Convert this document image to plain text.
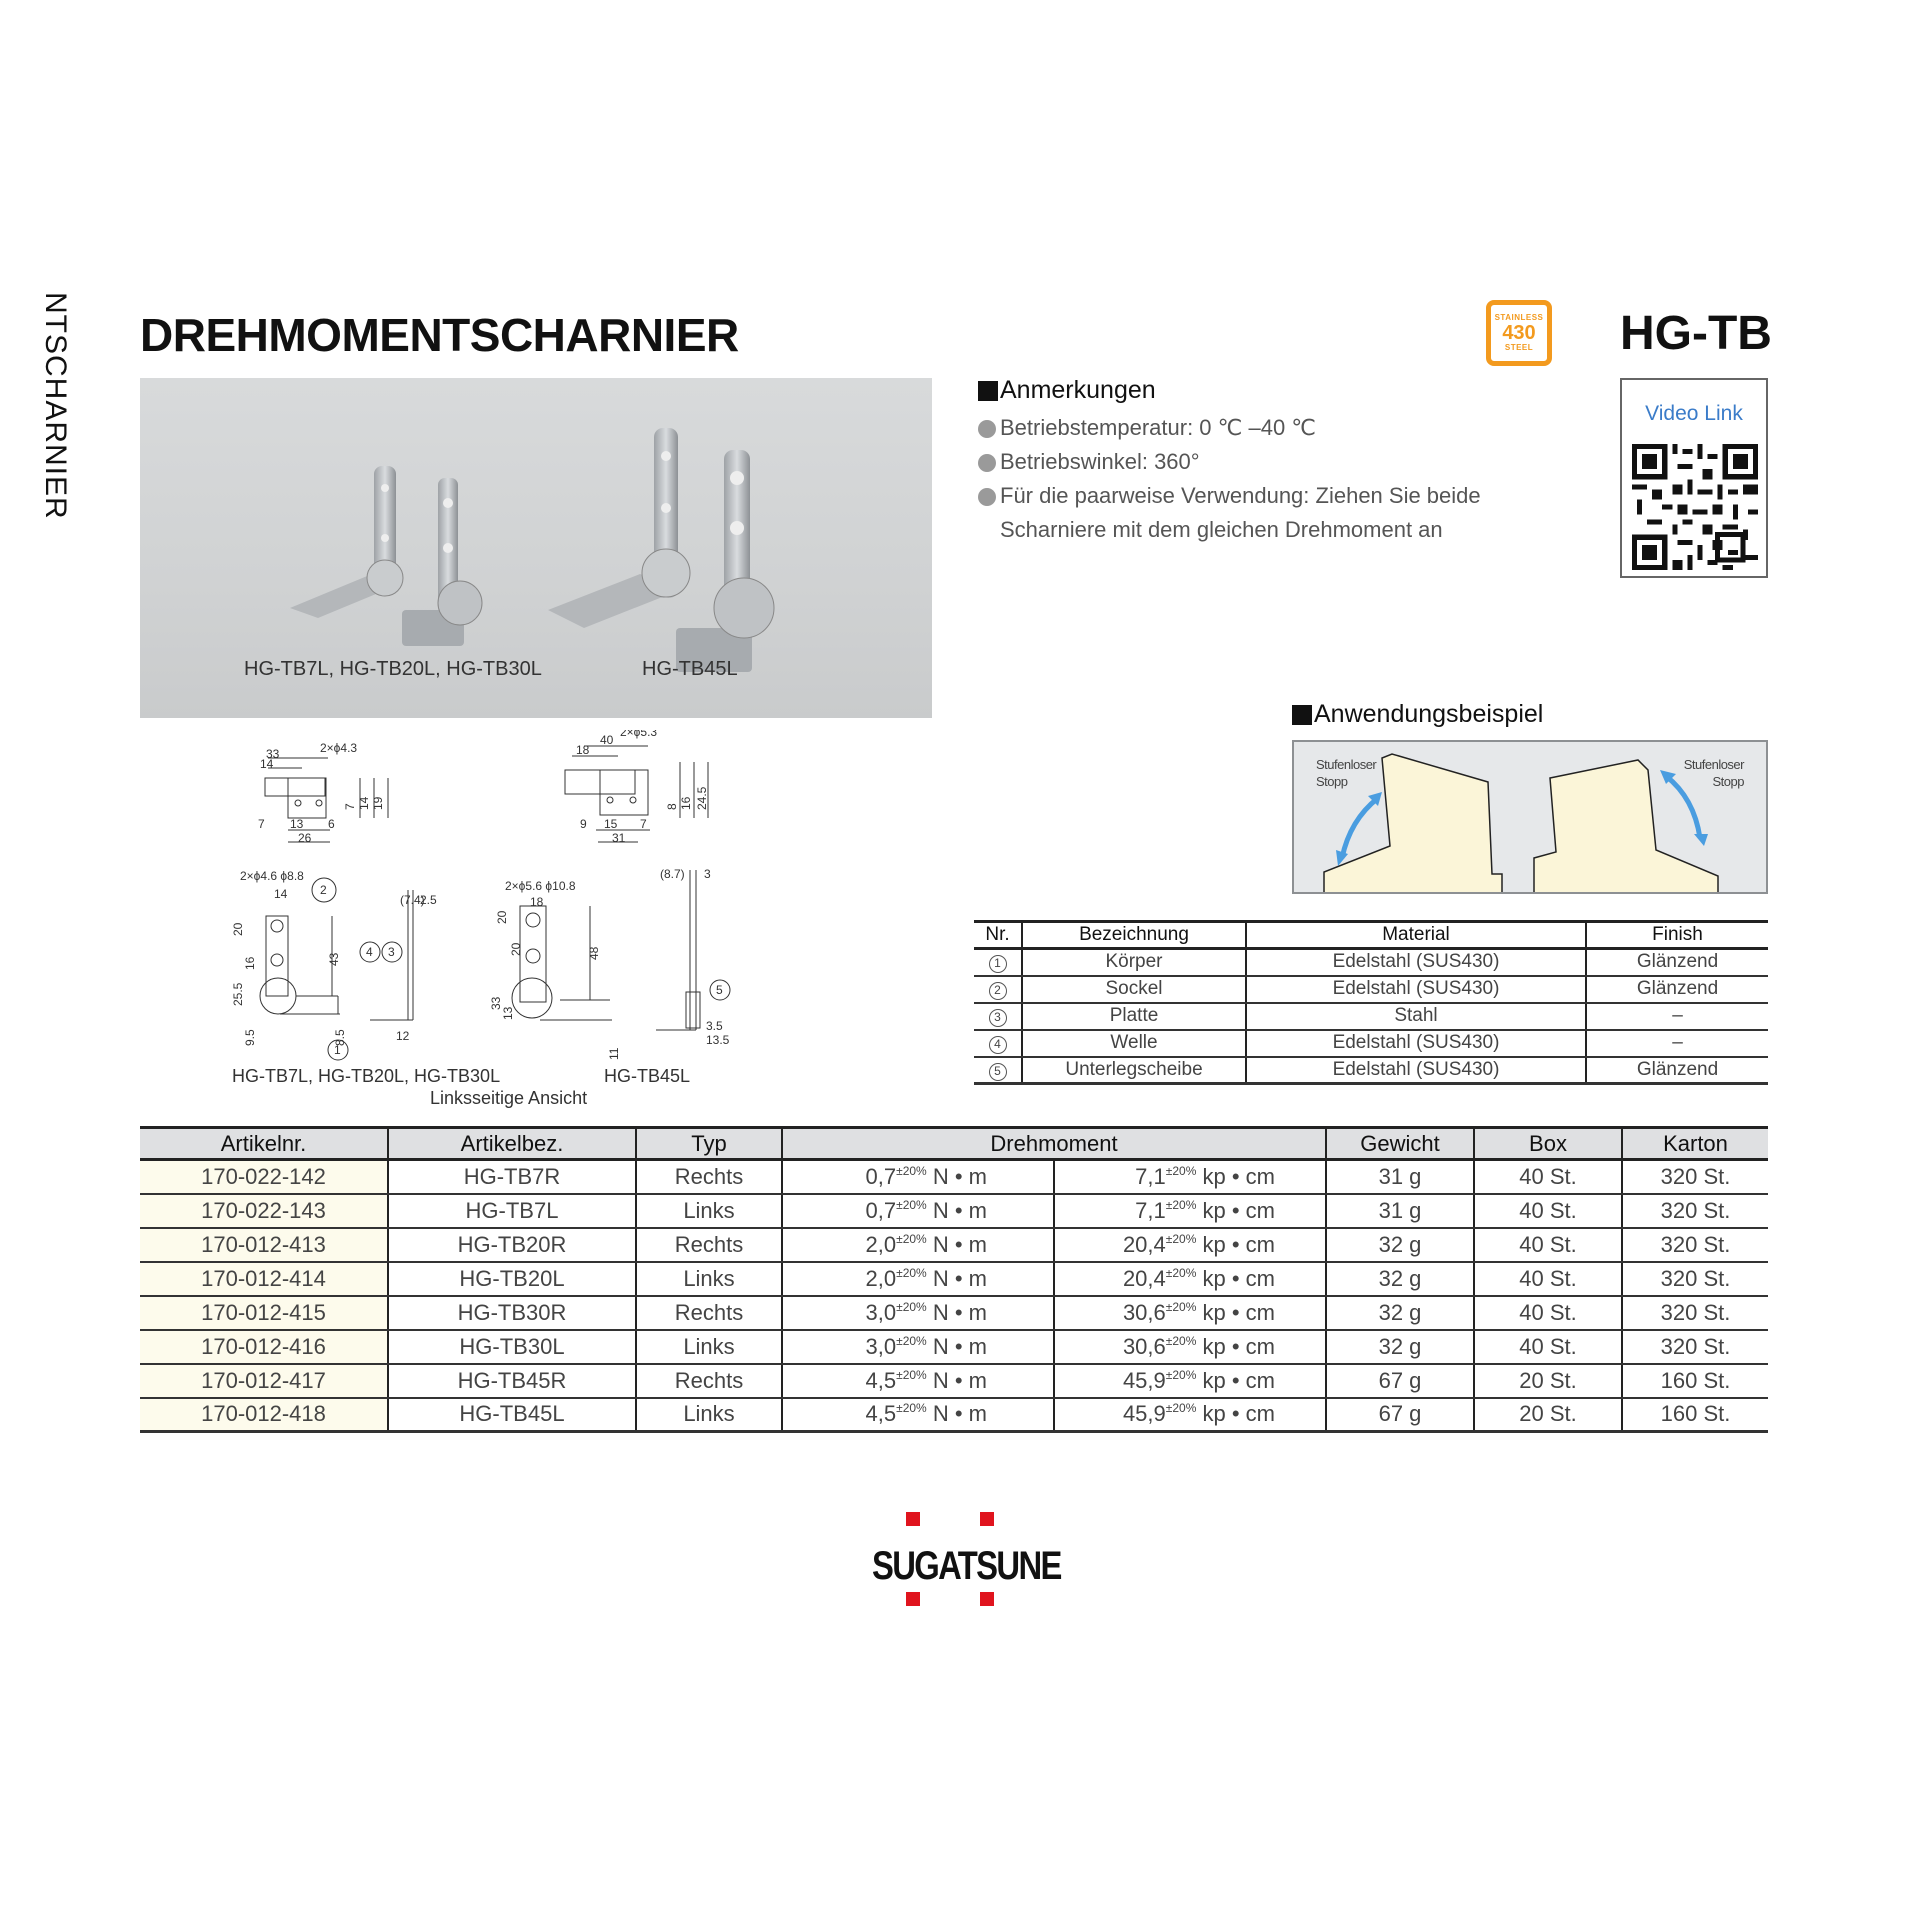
NTSCHARNIER DREHMOMENTSCHARNIER	STAINLESS
430
STEEL HG-TB
HG-TB7L, HG-TB20L, HG-TB30L	HG-TB45L
Anmerkungen
Betriebstemperatur: 0 ℃ –40 ℃
Betriebswinkel: 360°
Für die paarweise Verwendung: Ziehen Sie beide Scharniere mit dem gleichen Drehmoment an
Video Link
Anwendungsbeispiel
Stufenloser Stopp
Stufenloser Stopp
33
14
2×ϕ4.3
13
26
7	6
7 14 19
40
18
2×ϕ5.3
15
31
9	7
8 16 24.5
2×ϕ4.6 ϕ8.8
14
20
16
25.5
9.5
43
8.5
2
4 3
1
(7.4)
2.5
12
2×ϕ5.6 ϕ10.8
18
20
20
33
13
48
11
(8.7) 3
5
3.5
13.5
HG-TB7L, HG-TB20L, HG-TB30L	HG-TB45L
Linksseitige Ansicht
Nr.	Bezeichnung	Material	Finish
1	Körper	Edelstahl (SUS430)	Glänzend
2	Sockel	Edelstahl (SUS430)	Glänzend
3	Platte	Stahl	–
4	Welle	Edelstahl (SUS430)	–
5	Unterlegscheibe	Edelstahl (SUS430)	Glänzend
Artikelnr.	Artikelbez.	Typ	Drehmoment		Gewicht	Box	Karton
170-022-142	HG-TB7R	Rechts	$0,7^{\pm 20\%}$ N • m	$7,1^{\pm 20\%}$ kp • cm	31 g	40 St.	320 St.
170-022-143	HG-TB7L	Links	$0,7^{\pm 20\%}$ N • m	$7,1^{\pm 20\%}$ kp • cm	31 g	40 St.	320 St.
170-012-413	HG-TB20R	Rechts	$2,0^{\pm 20\%}$ N • m	$20,4^{\pm 20\%}$ kp • cm	32 g	40 St.	320 St.
170-012-414	HG-TB20L	Links	$2,0^{\pm 20\%}$ N • m	$20,4^{\pm 20\%}$ kp • cm	32 g	40 St.	320 St.
170-012-415	HG-TB30R	Rechts	$3,0^{\pm 20\%}$ N • m	$30,6^{\pm 20\%}$ kp • cm	32 g	40 St.	320 St.
170-012-416	HG-TB30L	Links	$3,0^{\pm 20\%}$ N • m	$30,6^{\pm 20\%}$ kp • cm	32 g	40 St.	320 St.
170-012-417	HG-TB45R	Rechts	$4,5^{\pm 20\%}$ N • m	$45,9^{\pm 20\%}$ kp • cm	67 g	20 St.	160 St.
170-012-418	HG-TB45L	Links	$4,5^{\pm 20\%}$ N • m	$45,9^{\pm 20\%}$ kp • cm	67 g	20 St.	160 St.
SUGATSUNE
